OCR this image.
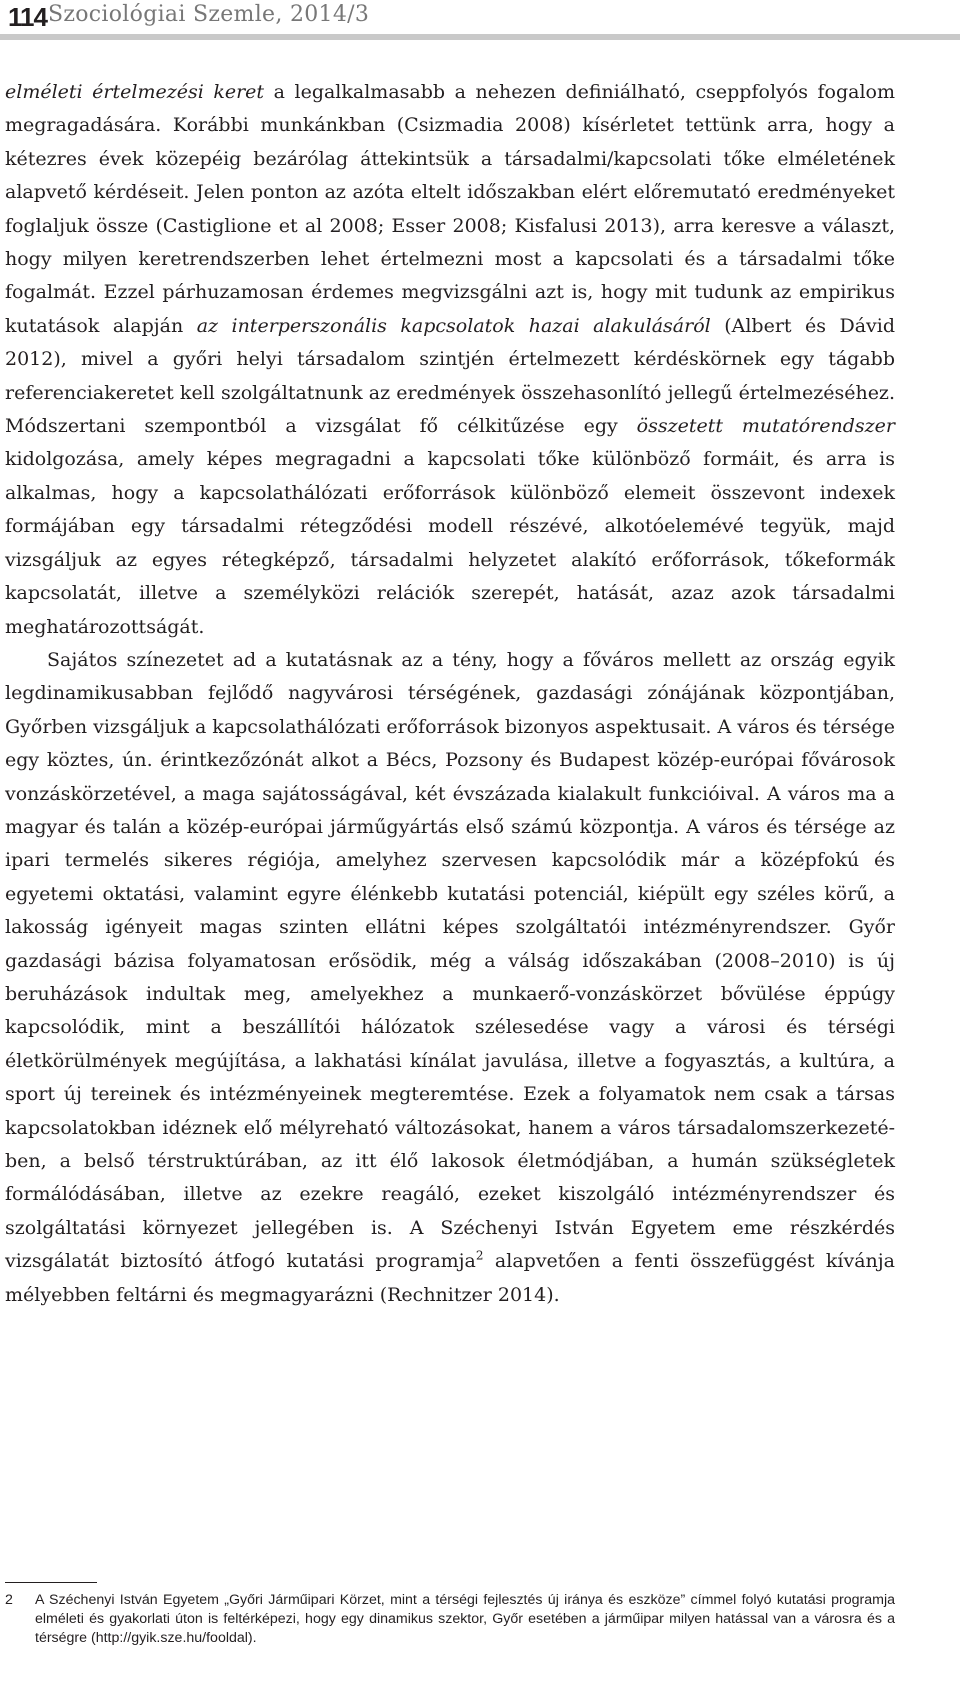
114 Szociológiai Szemle, 2014/3

elméleti értelmezési keret a legalkalmasabb a nehezen definiálható, cseppfolyós fogalom megragadására. Korábbi munkánkban (Csizmadia 2008) kísérletet tettünk arra, hogy a kétezres évek közepéig bezárólag áttekintsük a társadalmi/kapcsolati tőke elméletének alapvető kérdéseit. Jelen ponton az azóta eltelt időszakban elért előremutató eredményeket foglaljuk össze (Castiglione et al 2008; Esser 2008; Kisfalusi 2013), arra keresve a választ, hogy milyen keretrendszerben lehet értelmezni most a kapcsolati és a társadalmi tőke fogalmát. Ezzel párhuzamosan érdemes megvizsgálni azt is, hogy mit tudunk az empirikus kutatások alapján az interperszonális kapcsolatok hazai alakulásáról (Albert és Dávid 2012), mivel a győri helyi társadalom szintjén értelmezett kérdéskörnek egy tágabb referenciakeretet kell szolgáltatnunk az eredmények összehasonlító jellegű értelmezéséhez. Módszertani szempontból a vizsgálat fő célkitűzése egy összetett mutatórendszer kidolgozása, amely képes megragadni a kapcsolati tőke különböző formáit, és arra is alkalmas, hogy a kapcsolathálózati erőforrások különböző elemeit összevont indexek formájában egy társadalmi rétegződési modell részévé, alkotóelemévé tegyük, majd vizsgáljuk az egyes rétegképző, társadalmi helyzetet alakító erőforrások, tőkeformák kapcsolatát, illetve a személyközi relációk szerepét, hatását, azaz azok társadalmi meghatározottságát.

Sajátos színezetet ad a kutatásnak az a tény, hogy a főváros mellett az ország egyik legdinamikusabban fejlődő nagyvárosi térségének, gazdasági zónájának központjában, Győrben vizsgáljuk a kapcsolathálózati erőforrások bizonyos aspektusait. A város és térsége egy köztes, ún. érintkezőzónát alkot a Bécs, Pozsony és Budapest közép-európai fővárosok vonzáskörzetével, a maga sajátosságával, két évszázada kialakult funkcióival. A város ma a magyar és talán a közép-európai járműgyártás első számú központja. A város és térsége az ipari termelés sikeres régiója, amelyhez szervesen kapcsolódik már a középfokú és egyetemi oktatási, valamint egyre élénkebb kutatási potenciál, kiépült egy széles körű, a lakosság igényeit magas szinten ellátni képes szolgáltatói intézményrendszer. Győr gazdasági bázisa folyamatosan erősödik, még a válság időszakában (2008–2010) is új beruházások indultak meg, amelyekhez a munkaerő-vonzáskörzet bővülése éppúgy kapcsolódik, mint a beszállítói hálózatok szélesedése vagy a városi és térségi életkörülmények megújítása, a lakhatási kínálat javulása, illetve a fogyasztás, a kultúra, a sport új tereinek és intézményeinek megteremtése. Ezek a folyamatok nem csak a társas kapcsolatokban idéznek elő mélyreható változásokat, hanem a város társadalomszerkezetében, a belső térstruktúrában, az itt élő lakosok életmódjában, a humán szükségletek formálódásában, illetve az ezekre reagáló, ezeket kiszolgáló intézményrendszer és szolgáltatási környezet jellegében is. A Széchenyi István Egyetem eme részkérdés vizsgálatát biztosító átfogó kutatási programja$^2$ alapvetően a fenti összefüggést kívánja mélyebben feltárni és megmagyarázni (Rechnitzer 2014).

2 A Széchenyi István Egyetem „Győri Járműipari Körzet, mint a térségi fejlesztés új iránya és eszköze” címmel folyó kutatási programja elméleti és gyakorlati úton is feltérképezi, hogy egy dinamikus szektor, Győr esetében a járműipar milyen hatással van a városra és a térségre (http://gyik.sze.hu/fooldal).
